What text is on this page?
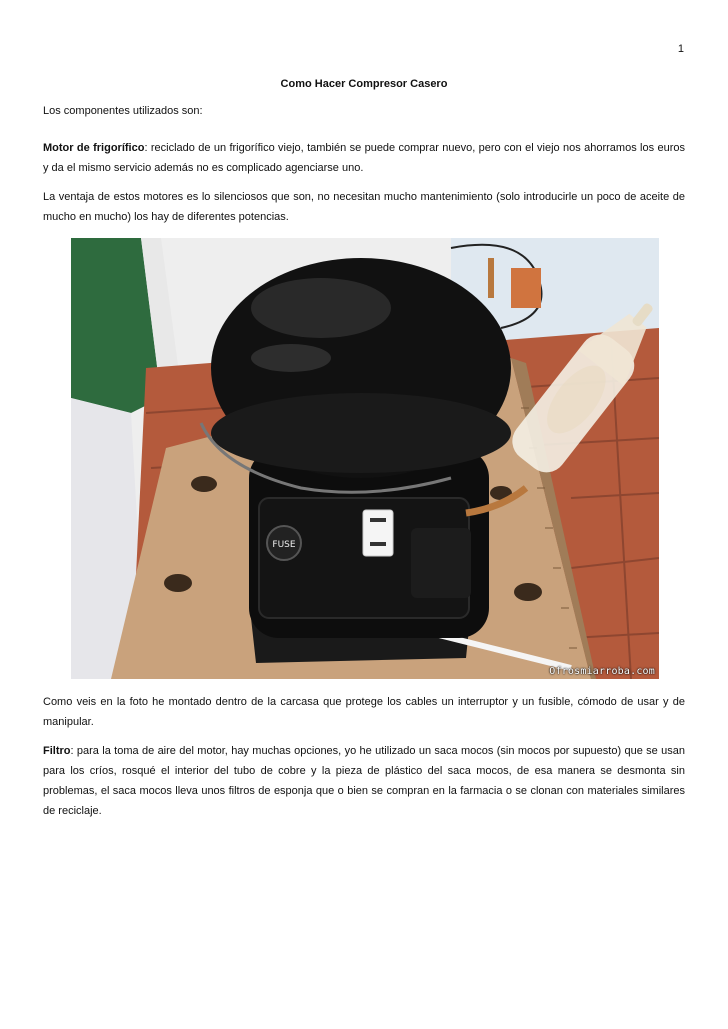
1
Como Hacer Compresor Casero

Los componentes utilizados son:

Motor de frigorífico: reciclado de un frigorífico viejo, también se puede comprar nuevo, pero con el viejo nos ahorramos los euros y da el mismo servicio además no es complicado agenciarse uno.

La ventaja de estos motores es lo silenciosos que son, no necesitan mucho mantenimiento (solo introducirle un poco de aceite de mucho en mucho) los hay de diferentes potencias.

FUSE
Ofrosmiarroba.com

Como veis en la foto he montado dentro de la carcasa que protege los cables un interruptor y un fusible, cómodo de usar y de manipular.

Filtro: para la toma de aire del motor, hay muchas opciones, yo he utilizado un saca mocos (sin mocos por supuesto) que se usan para los críos, rosqué el interior del tubo de cobre y la pieza de plástico del saca mocos, de esa manera se desmonta sin problemas, el saca mocos lleva unos filtros de esponja que o bien se compran en la farmacia o se clonan con materiales similares de reciclaje.
